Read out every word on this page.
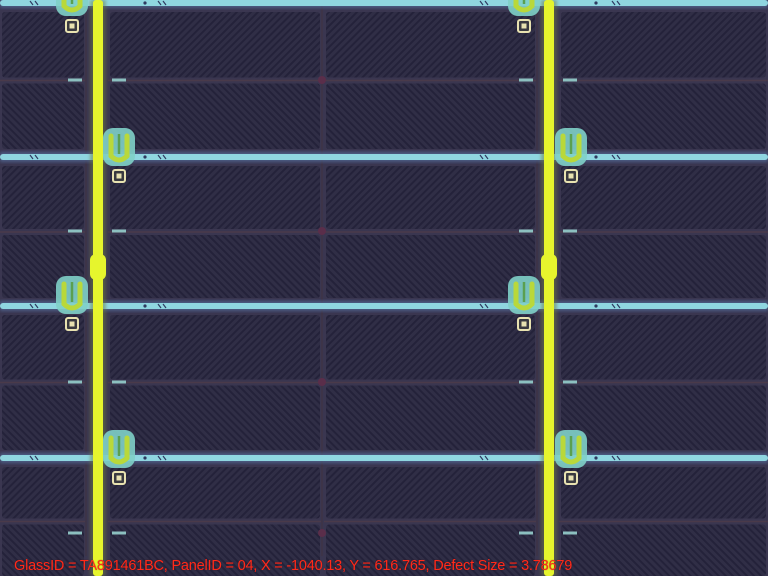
GlassID = TA891461BC, PanelID = 04, X = -1040.13, Y = 616.765, Defect Size = 3.78679
